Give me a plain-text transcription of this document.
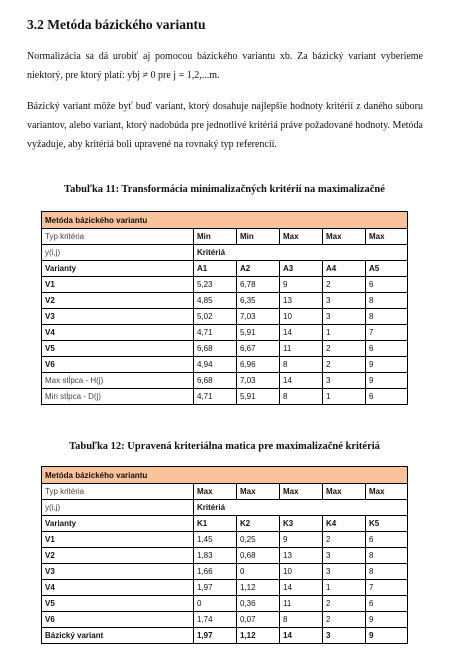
3.2 Metóda bázického variantu

Normalizácia sa dá urobiť aj pomocou bázického variantu xb. Za bázický variant vyberieme niektorý, pre ktorý platí: ybj ≠ 0 pre j = 1,2,...m.

Bázický variant môže byť buď variant, ktorý dosahuje najlepšie hodnoty kritérií z daného súboru variantov, alebo variant, ktorý nadobúda pre jednotlivé kritériá práve požadované hodnoty. Metóda vyžaduje, aby kritériá boli upravené na rovnaký typ referencií.

Tabuľka 11: Transformácia minimalizačných kritérií na maximalizačné

Metóda bázického variantu					
Typ kritéria	Min	Min	Max	Max	Max
y(i,j)	Kritériá				
Varianty	A1	A2	A3	A4	A5
V1	5,23	6,78	9	2	6
V2	4,85	6,35	13	3	8
V3	5,02	7,03	10	3	8
V4	4,71	5,91	14	1	7
V5	6,68	6,67	11	2	6
V6	4,94	6,96	8	2	9
Max stĺpca - H(j)	6,68	7,03	14	3	9
Min stĺpca - D(j)	4,71	5,91	8	1	6

Tabuľka 12: Upravená kriteriálna matica pre maximalizačné kritériá

Metóda bázického variantu					
Typ kritéria	Max	Max	Max	Max	Max
y(i,j)	Kritériá				
Varianty	K1	K2	K3	K4	K5
V1	1,45	0,25	9	2	6
V2	1,83	0,68	13	3	8
V3	1,66	0	10	3	8
V4	1,97	1,12	14	1	7
V5	0	0,36	11	2	6
V6	1,74	0,07	8	2	9
Bázický variant	1,97	1,12	14	3	9
